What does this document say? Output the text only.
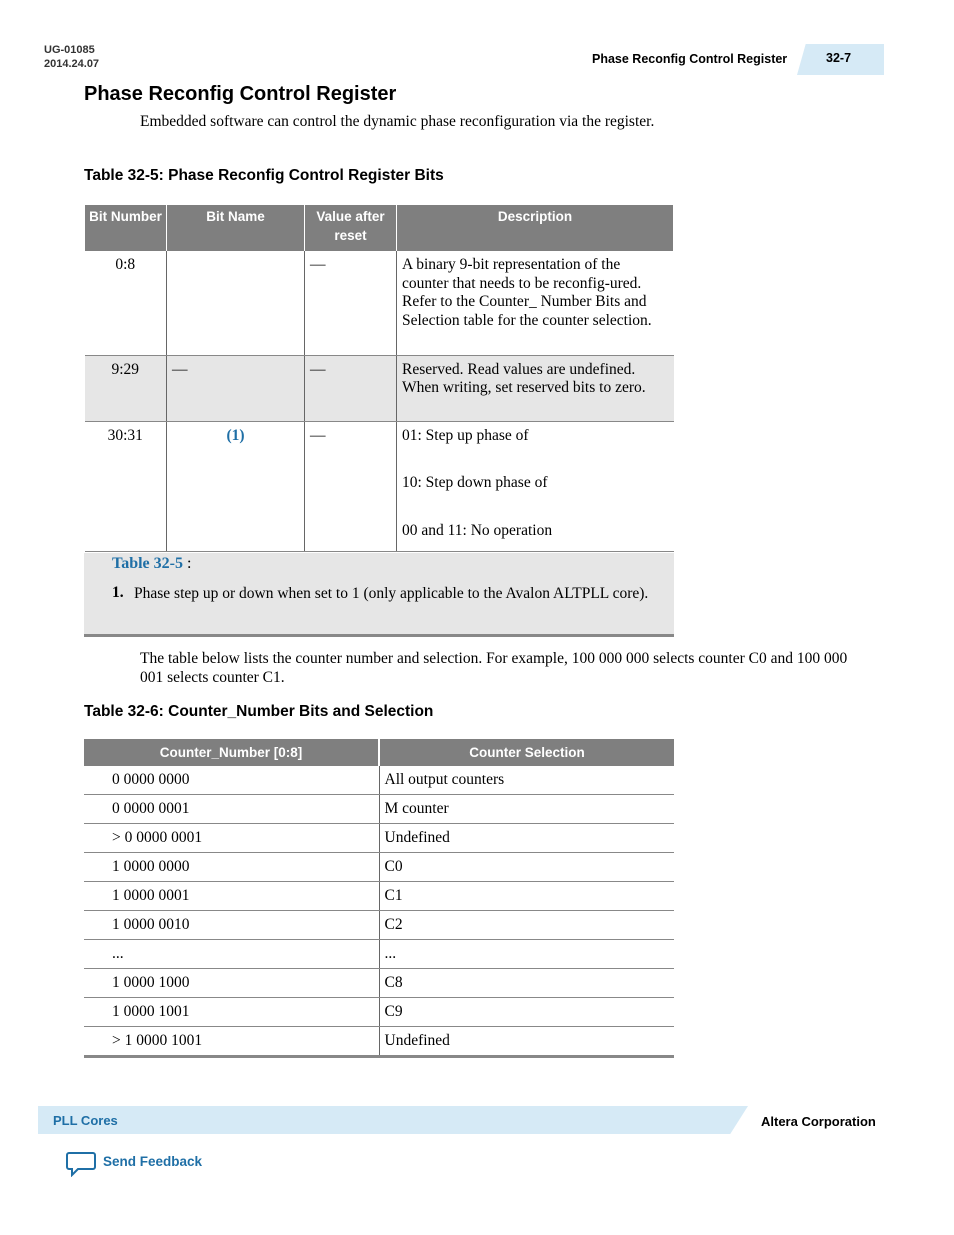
UG-01085
2014.24.07	Phase Reconfig Control Register	32-7
Phase Reconfig Control Register
Embedded software can control the dynamic phase reconfiguration via the register.
Table 32-5: Phase Reconfig Control Register Bits
Bit Number	Bit Name	Value after reset	Description
0:8		—	A binary 9-bit representation of the counter that needs to be reconfig-ured. Refer to the Counter_ Number Bits and Selection table for the counter selection.
9:29	—	—	Reserved. Read values are undefined. When writing, set reserved bits to zero.
30:31	(1)	—	01: Step up phase of
10: Step down phase of
00 and 11: No operation
Table 32-5 :
1. Phase step up or down when set to 1 (only applicable to the Avalon ALTPLL core).
The table below lists the counter number and selection. For example, 100 000 000 selects counter C0 and 100 000 001 selects counter C1.
Table 32-6: Counter_Number Bits and Selection
Counter_Number [0:8]	Counter Selection
0 0000 0000	All output counters
0 0000 0001	M counter
> 0 0000 0001	Undefined
1 0000 0000	C0
1 0000 0001	C1
1 0000 0010	C2
...	...
1 0000 1000	C8
1 0000 1001	C9
> 1 0000 1001	Undefined
PLL Cores	Altera Corporation
Send Feedback
